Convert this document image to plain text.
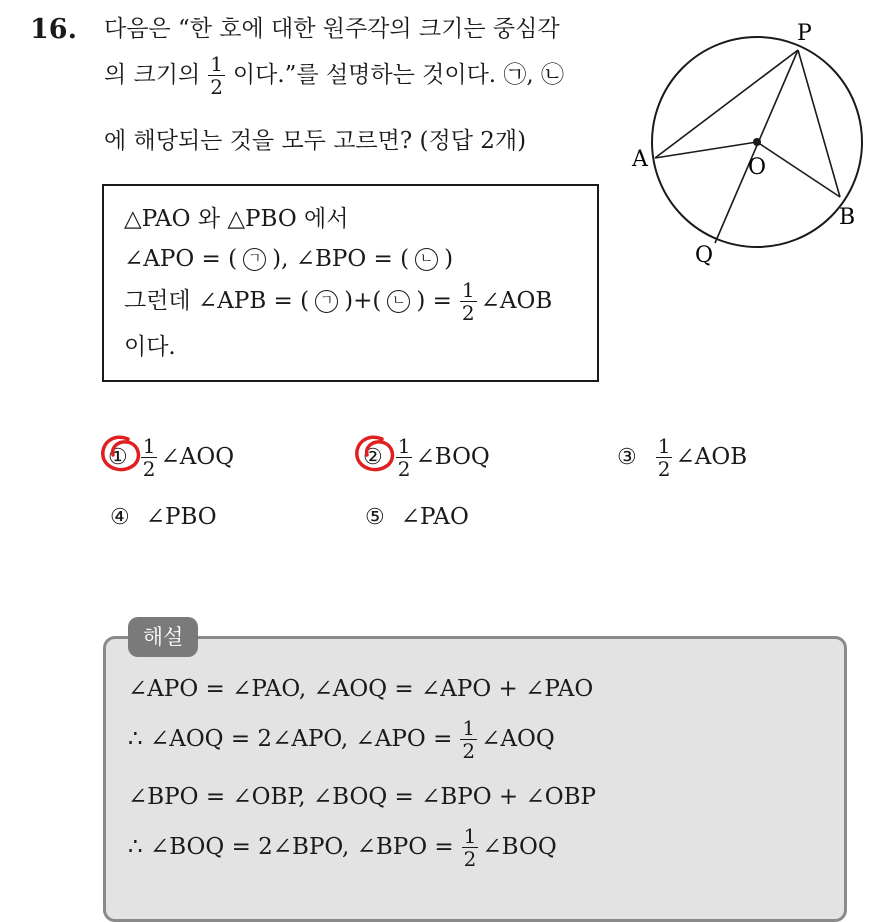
16. 다음은 “한 호에 대한 원주각의 크기는 중심각
의 크기의 $\frac{1}{2}$ 이다.”를 설명하는 것이다. ㉠, ㉡
에 해당되는 것을 모두 고르면? (정답 2개)
P
A	O
B
Q
△PAO 와 △PBO 에서
∠APO = ( ㄱ ), ∠BPO = ( ㄴ )
그런데 ∠APB = ( ㄱ )+( ㄴ ) = $\frac{1}{2}$ ∠AOB
이다.
① $\frac{1}{2}$ ∠AOQ	② $\frac{1}{2}$ ∠BOQ	③ $\frac{1}{2}$ ∠AOB
④ ∠PBO	⑤ ∠PAO
해설
∠APO = ∠PAO, ∠AOQ = ∠APO + ∠PAO
∴ ∠AOQ = 2∠APO, ∠APO = $\frac{1}{2}$ ∠AOQ
∠BPO = ∠OBP, ∠BOQ = ∠BPO + ∠OBP
∴ ∠BOQ = 2∠BPO, ∠BPO = $\frac{1}{2}$ ∠BOQ
